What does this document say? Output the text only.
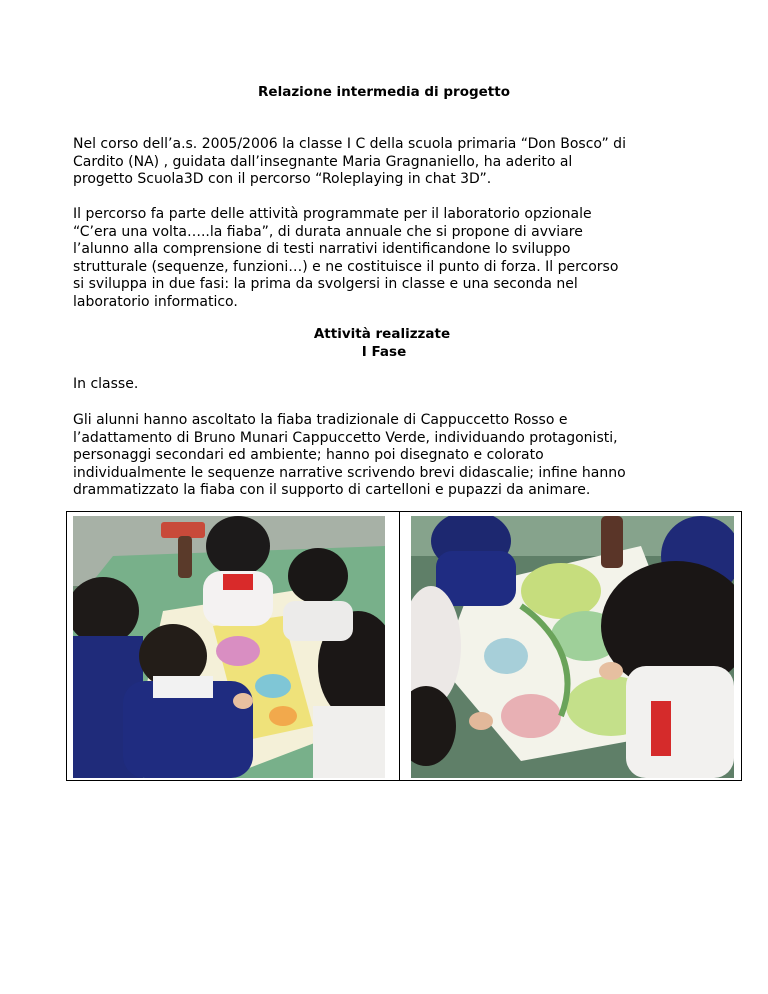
Relazione intermedia di progetto

Nel corso dell’a.s. 2005/2006 la classe I C della scuola primaria “Don Bosco” di
Cardito (NA) , guidata dall’insegnante Maria Gragnaniello, ha aderito al
progetto Scuola3D con il percorso “Roleplaying in chat 3D”.

Il percorso fa parte delle attività programmate per il laboratorio opzionale
“C’era una volta…..la fiaba”, di durata annuale che si propone di avviare
l’alunno alla comprensione di testi narrativi identificandone lo sviluppo
strutturale (sequenze, funzioni…) e ne costituisce il punto di forza. Il percorso
si sviluppa in due fasi: la prima da svolgersi in classe e una seconda nel
laboratorio informatico.

Attività realizzate
I Fase

In classe.

Gli alunni hanno ascoltato la fiaba tradizionale di Cappuccetto Rosso e
l’adattamento di Bruno Munari Cappuccetto Verde, individuando protagonisti,
personaggi secondari ed ambiente; hanno poi disegnato e colorato
individualmente le sequenze narrative scrivendo brevi didascalie; infine hanno
drammatizzato la fiaba con il supporto di cartelloni e pupazzi da animare.
